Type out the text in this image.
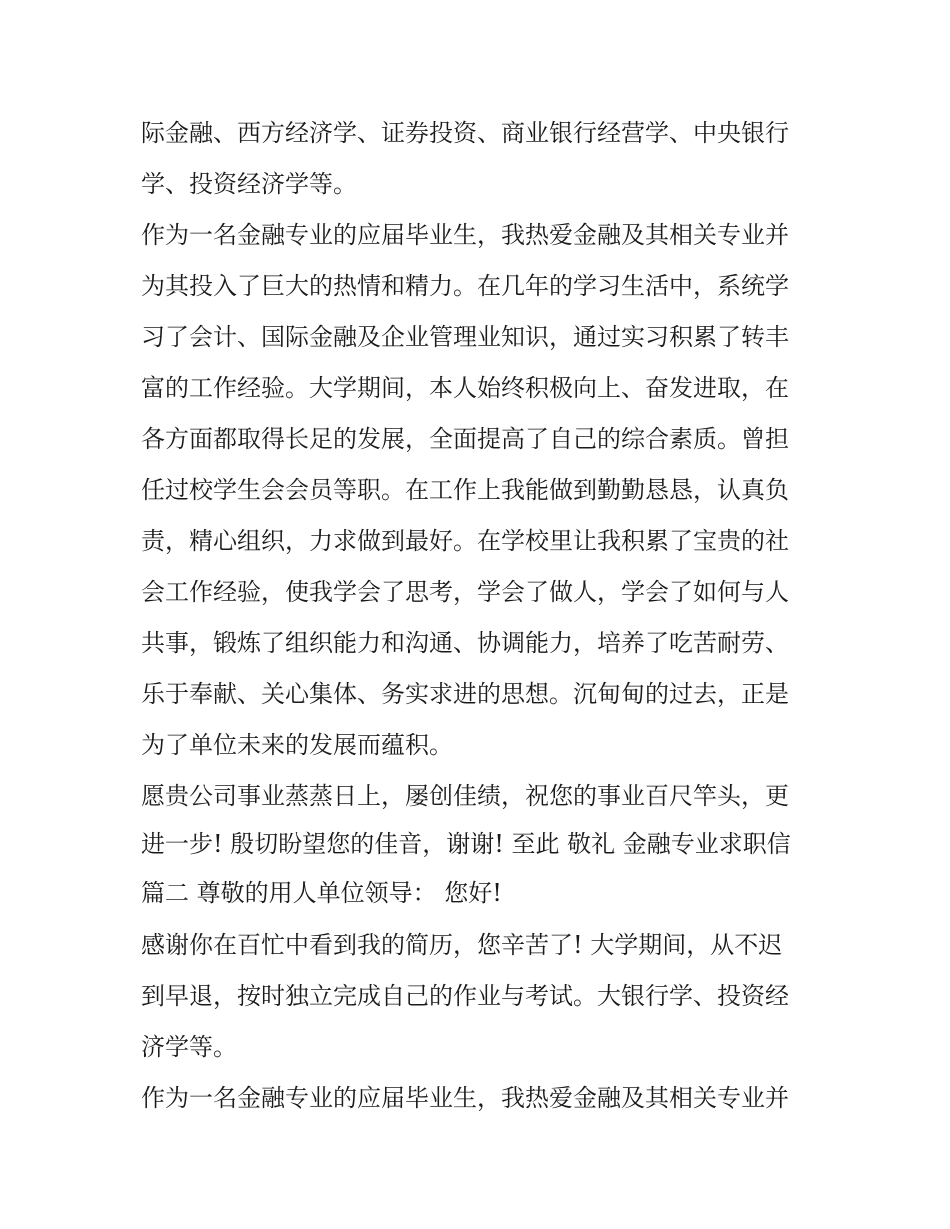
际金融、西方经济学、证券投资、商业银行经营学、中央银行
学、投资经济学等。
作为一名金融专业的应届毕业生，我热爱金融及其相关专业并
为其投入了巨大的热情和精力。在几年的学习生活中，系统学
习了会计、国际金融及企业管理业知识，通过实习积累了转丰
富的工作经验。大学期间，本人始终积极向上、奋发进取，在
各方面都取得长足的发展，全面提高了自己的综合素质。曾担
任过校学生会会员等职。在工作上我能做到勤勤恳恳，认真负
责，精心组织，力求做到最好。在学校里让我积累了宝贵的社
会工作经验，使我学会了思考，学会了做人，学会了如何与人
共事，锻炼了组织能力和沟通、协调能力，培养了吃苦耐劳、
乐于奉献、关心集体、务实求进的思想。沉甸甸的过去，正是
为了单位未来的发展而蕴积。
愿贵公司事业蒸蒸日上，屡创佳绩，祝您的事业百尺竿头，更
进一步! 殷切盼望您的佳音，谢谢! 至此 敬礼 金融专业求职信
篇二 尊敬的用人单位领导： 您好!
感谢你在百忙中看到我的简历，您辛苦了! 大学期间，从不迟
到早退，按时独立完成自己的作业与考试。大银行学、投资经
济学等。
作为一名金融专业的应届毕业生，我热爱金融及其相关专业并
